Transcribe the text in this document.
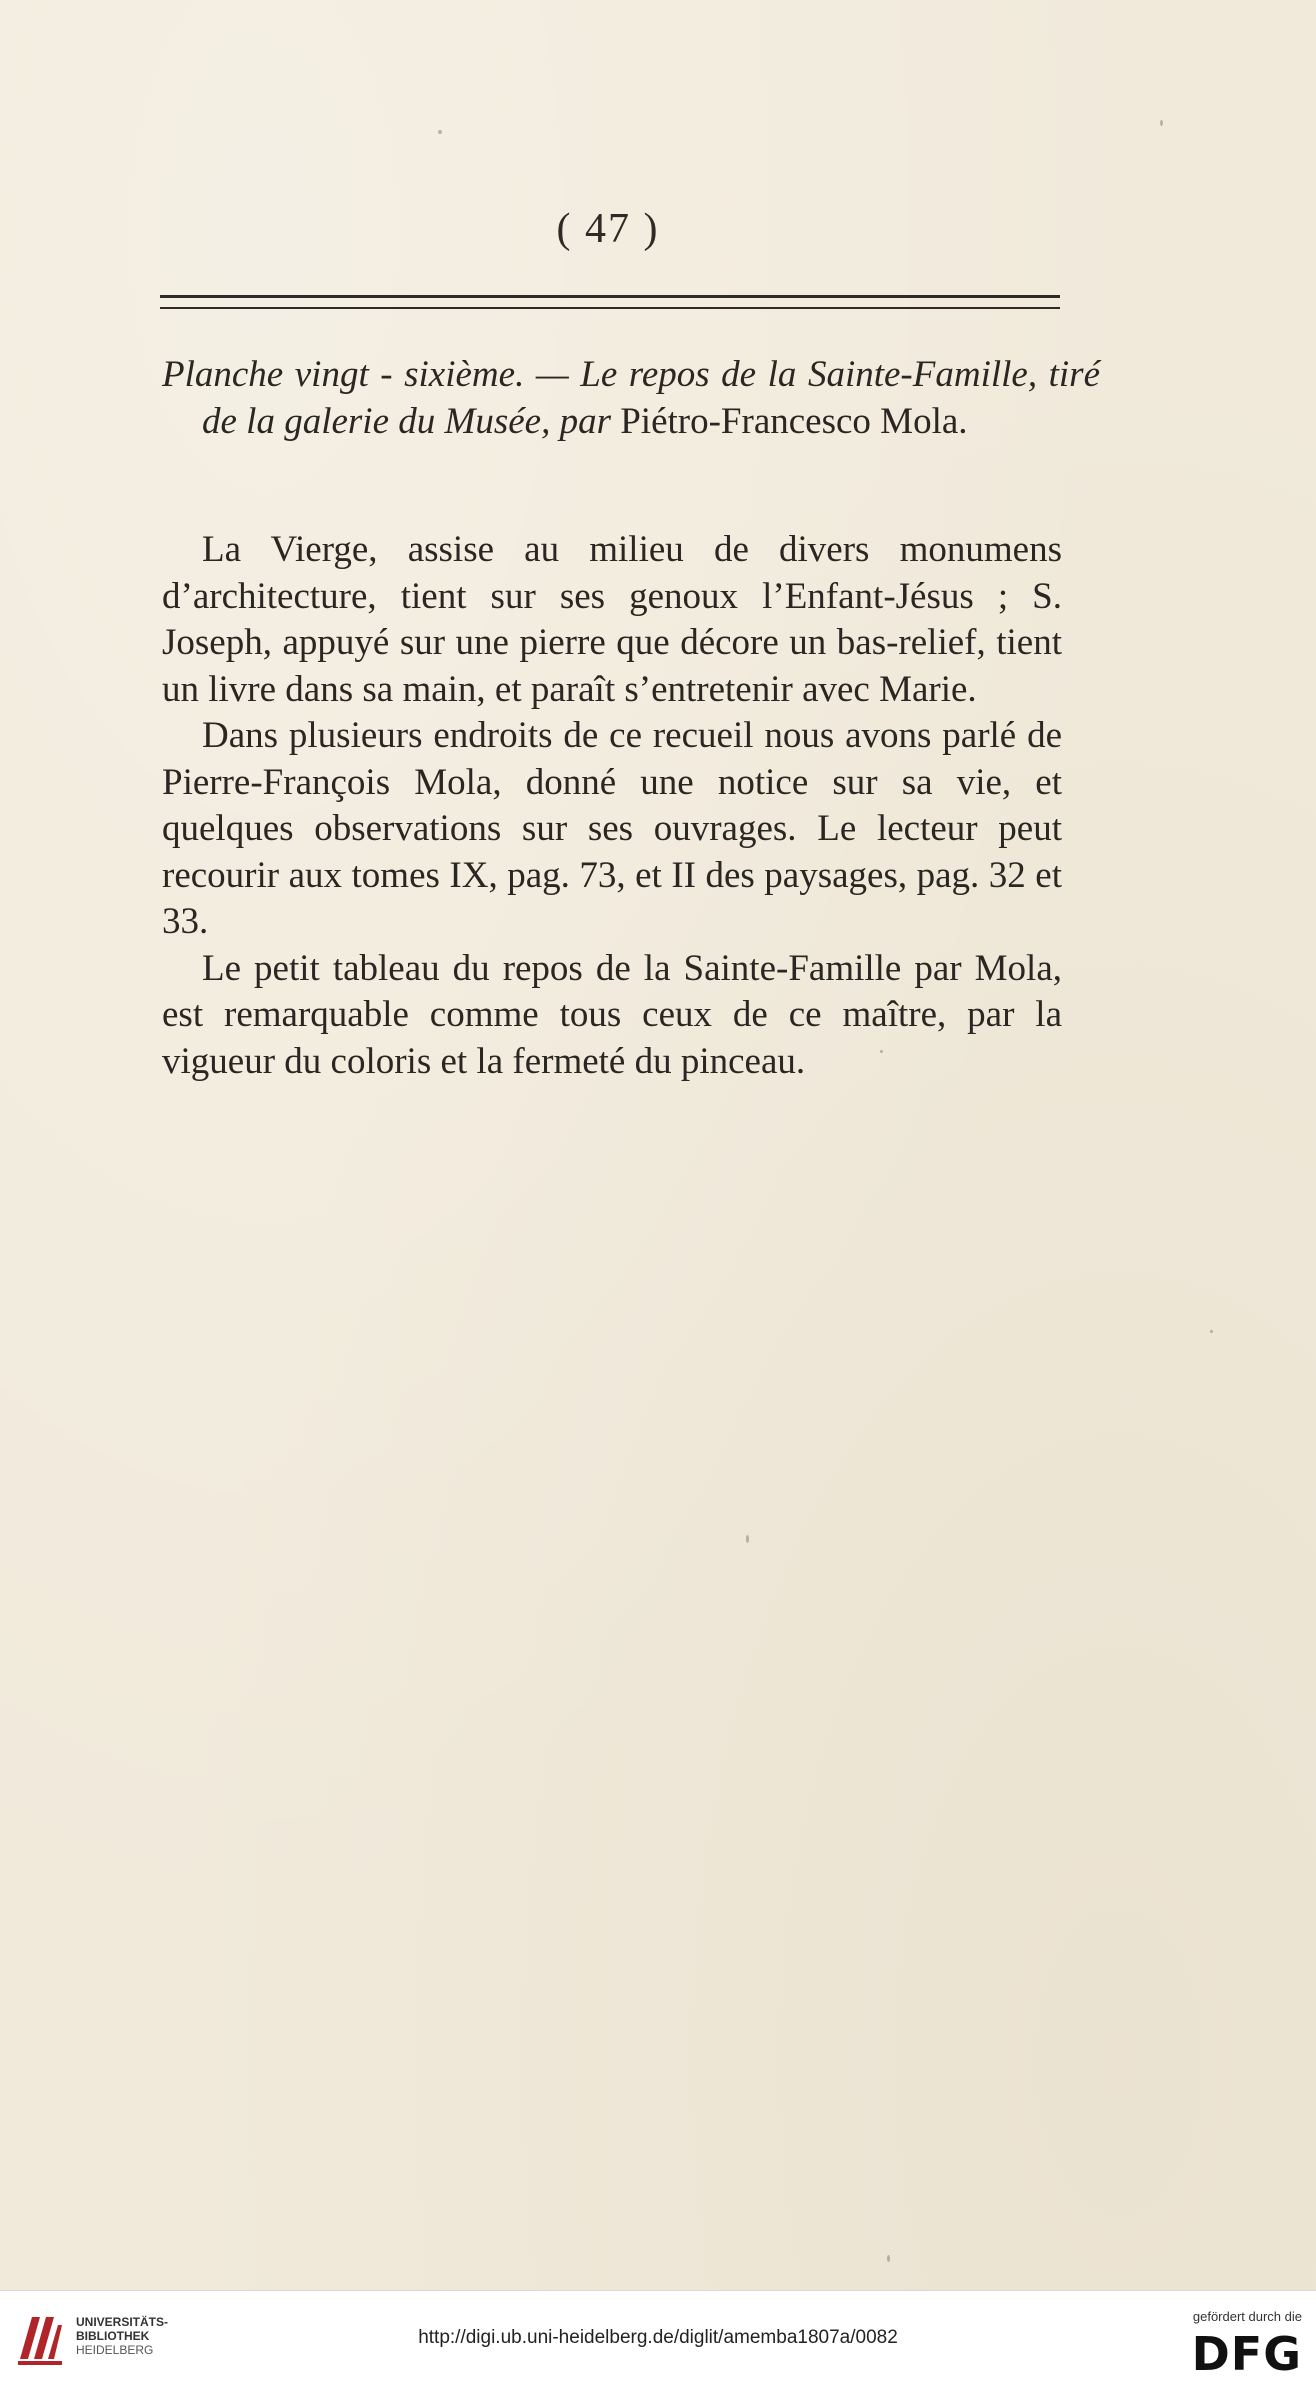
( 47 )
Planche vingt - sixième. — Le repos de la Sainte-Famille, tiré de la galerie du Musée, par Piétro-Francesco Mola.

La Vierge, assise au milieu de divers monumens d’architecture, tient sur ses genoux l’Enfant-Jésus ; S. Joseph, appuyé sur une pierre que décore un bas-relief, tient un livre dans sa main, et paraît s’entretenir avec Marie.

Dans plusieurs endroits de ce recueil nous avons parlé de Pierre-François Mola, donné une notice sur sa vie, et quelques observations sur ses ouvrages. Le lecteur peut recourir aux tomes IX, pag. 73, et II des paysages, pag. 32 et 33.

Le petit tableau du repos de la Sainte-Famille par Mola, est remarquable comme tous ceux de ce maître, par la vigueur du coloris et la fermeté du pinceau.

UNIVERSITÄTS-
BIBLIOTHEK
HEIDELBERG
http://digi.ub.uni-heidelberg.de/diglit/amemba1807a/0082
gefördert durch die
DFG
